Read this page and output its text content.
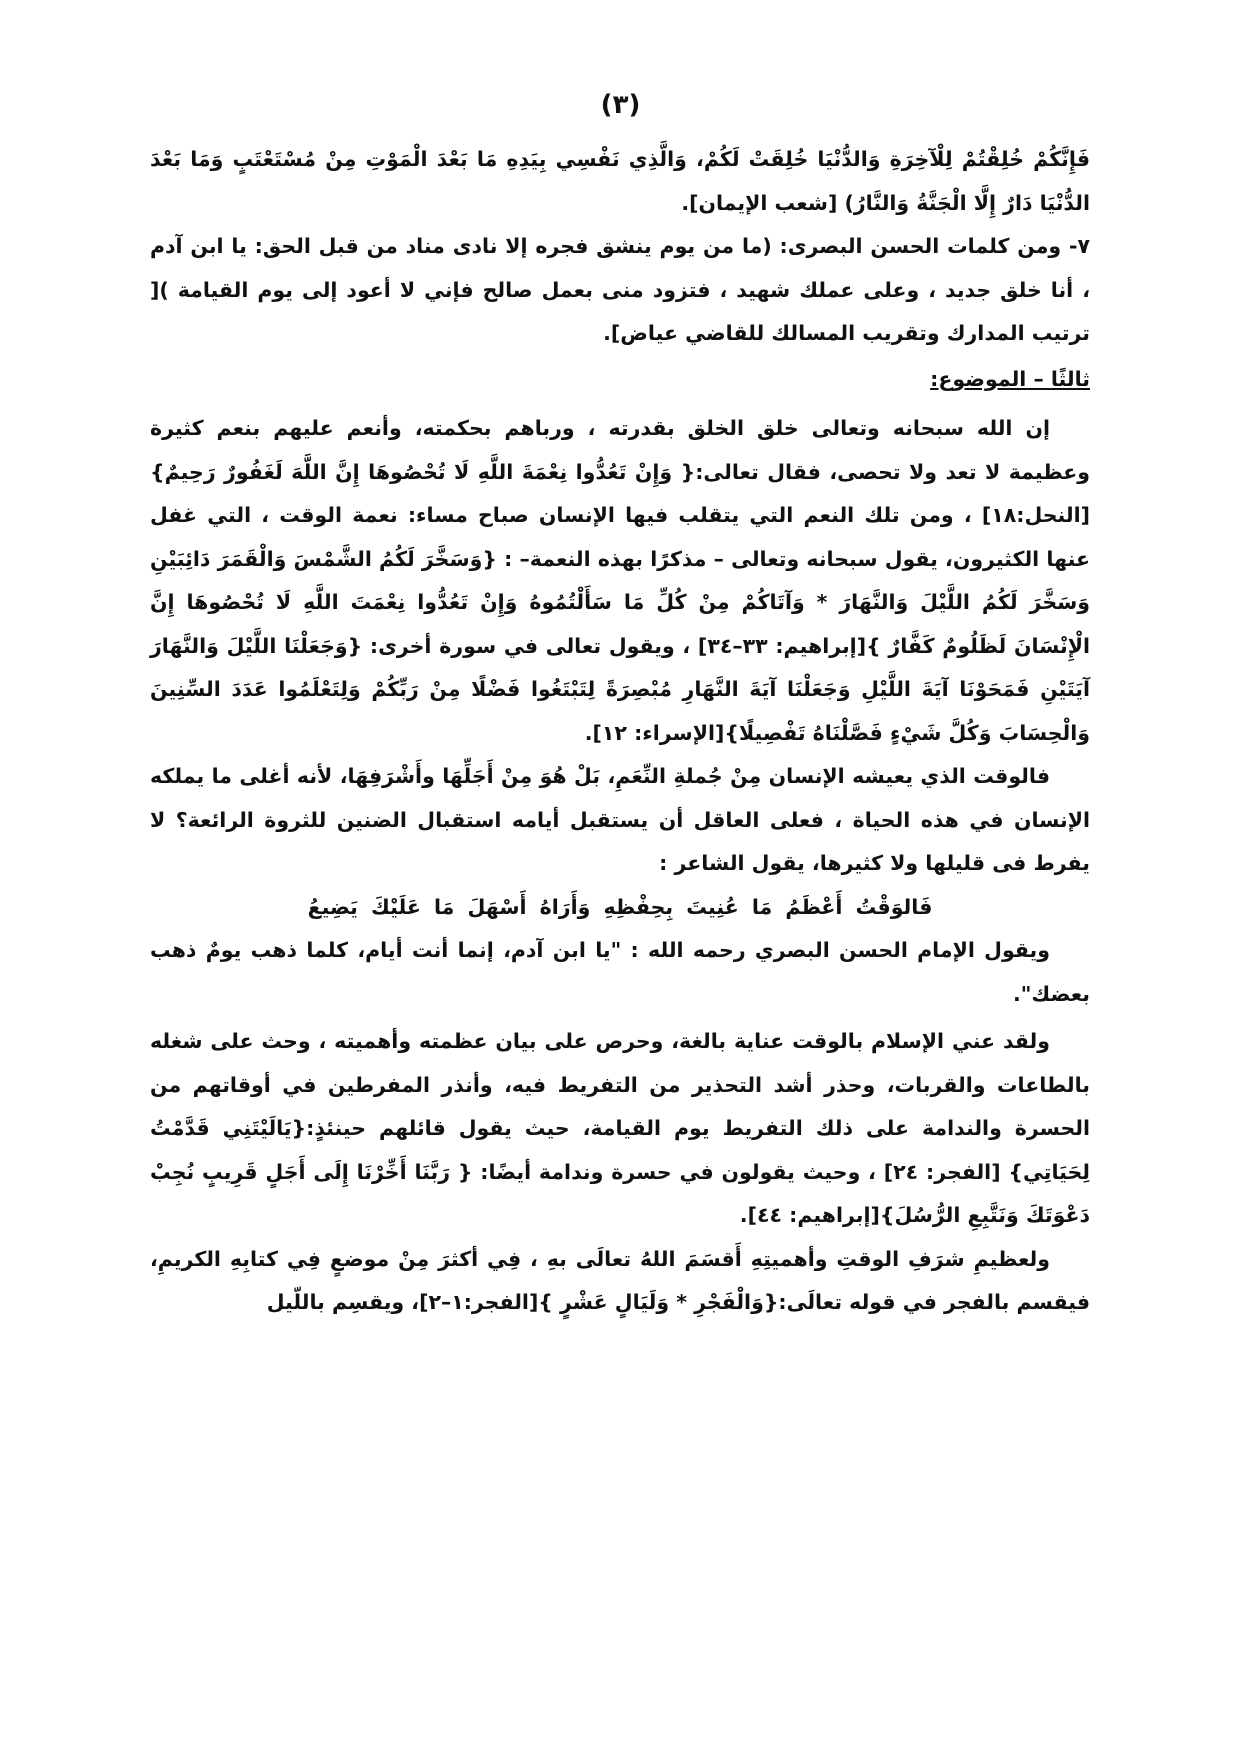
(٣)

فَإِنَّكُمْ خُلِقْتُمْ لِلْآخِرَةِ وَالدُّنْيَا خُلِقَتْ لَكُمْ، وَالَّذِي نَفْسِي بِيَدِهِ مَا بَعْدَ الْمَوْتِ مِنْ مُسْتَعْتَبٍ وَمَا بَعْدَ الدُّنْيَا دَارٌ إِلَّا الْجَنَّةُ وَالنَّارُ) [شعب الإيمان].

٧- ومن كلمات الحسن البصرى: (ما من يوم ينشق فجره إلا نادى مناد من قبل الحق: يا ابن آدم ، أنا خلق جديد ، وعلى عملك شهيد ، فتزود منى بعمل صالح فإني لا أعود إلى يوم القيامة )[ ترتيب المدارك وتقريب المسالك للقاضي عياض].

ثالثًا – الموضوع:

إن الله سبحانه وتعالى خلق الخلق بقدرته ، ورباهم بحكمته، وأنعم عليهم بنعم كثيرة وعظيمة لا تعد ولا تحصى، فقال تعالى:{ وَإِنْ تَعُدُّوا نِعْمَةَ اللَّهِ لَا تُحْصُوهَا إِنَّ اللَّهَ لَغَفُورٌ رَحِيمٌ}[النحل:١٨] ، ومن تلك النعم التي يتقلب فيها الإنسان صباح مساء: نعمة الوقت ، التي غفل عنها الكثيرون، يقول سبحانه وتعالى – مذكرًا بهذه النعمة– : {وَسَخَّرَ لَكُمُ الشَّمْسَ وَالْقَمَرَ دَائِبَيْنِ وَسَخَّرَ لَكُمُ اللَّيْلَ وَالنَّهَارَ * وَآتَاكُمْ مِنْ كُلِّ مَا سَأَلْتُمُوهُ وَإِنْ تَعُدُّوا نِعْمَتَ اللَّهِ لَا تُحْصُوهَا إِنَّ الْإِنْسَانَ لَظَلُومٌ كَفَّارٌ }[إبراهيم: ٣٣–٣٤] ، ويقول تعالى في سورة أخرى: {وَجَعَلْنَا اللَّيْلَ وَالنَّهَارَ آيَتَيْنِ فَمَحَوْنَا آيَةَ اللَّيْلِ وَجَعَلْنَا آيَةَ النَّهَارِ مُبْصِرَةً لِتَبْتَغُوا فَضْلًا مِنْ رَبِّكُمْ وَلِتَعْلَمُوا عَدَدَ السِّنِينَ وَالْحِسَابَ وَكُلَّ شَيْءٍ فَصَّلْنَاهُ تَفْصِيلًا}[الإسراء: ١٢].

فالوقت الذي يعيشه الإنسان مِنْ جُملةِ النِّعَمِ، بَلْ هُوَ مِنْ أَجَلِّهَا وأَشْرَفِهَا، لأنه أغلى ما يملكه الإنسان في هذه الحياة ، فعلى العاقل أن يستقبل أيامه استقبال الضنين للثروة الرائعة؟ لا يفرط فى قليلها ولا كثيرها، يقول الشاعر :

فَالوَقْتُ أَعْظَمُ مَا عُنِيتَ بِحِفْظِهِ وَأَرَاهُ أَسْهَلَ مَا عَلَيْكَ يَضِيعُ

ويقول الإمام الحسن البصري رحمه الله : "يا ابن آدم، إنما أنت أيام، كلما ذهب يومٌ ذهب بعضك".

ولقد عني الإسلام بالوقت عناية بالغة، وحرص على بيان عظمته وأهميته ، وحث على شغله بالطاعات والقربات، وحذر أشد التحذير من التفريط فيه، وأنذر المفرطين في أوقاتهم من الحسرة والندامة على ذلك التفريط يوم القيامة، حيث يقول قائلهم حينئذٍ:{يَالَيْتَنِي قَدَّمْتُ لِحَيَاتِي} [الفجر: ٢٤] ، وحيث يقولون في حسرة وندامة أيضًا: { رَبَّنَا أَخِّرْنَا إِلَى أَجَلٍ قَرِيبٍ نُجِبْ دَعْوَتَكَ وَنَتَّبِعِ الرُّسُلَ}[إبراهيم: ٤٤].

ولعظيمِ شرَفِ الوقتِ وأهميتِهِ أَقسَمَ اللهُ تعالَى بهِ ، فِي أكثرَ مِنْ موضعٍ فِي كتابِهِ الكريمِ، فيقسم بالفجر في قوله تعالَى:{وَالْفَجْرِ * وَلَيَالٍ عَشْرٍ }[الفجر:١–٢]، ويقسِم باللّيل
